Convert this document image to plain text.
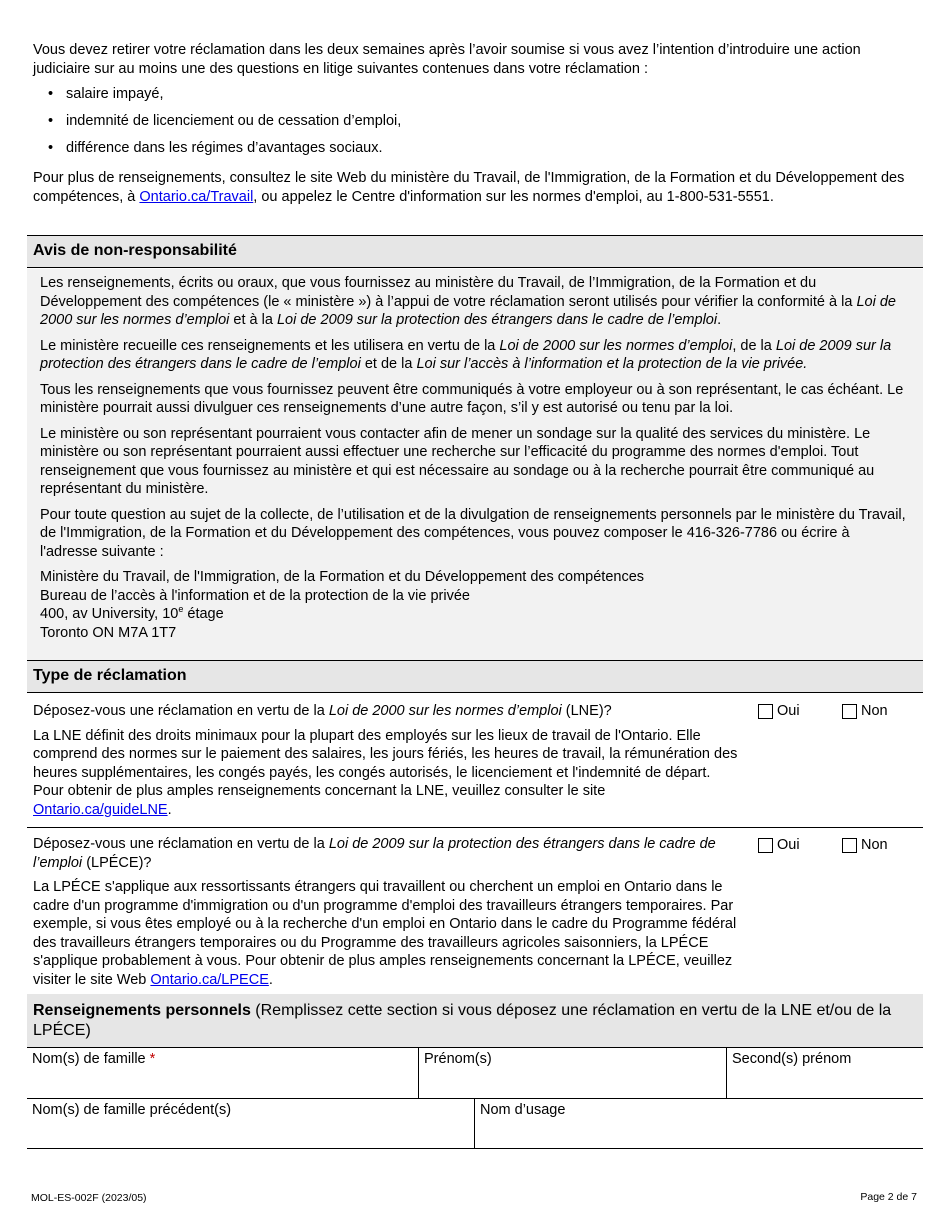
Vous devez retirer votre réclamation dans les deux semaines après l’avoir soumise si vous avez l’intention d’introduire une action judiciaire sur au moins une des questions en litige suivantes contenues dans votre réclamation :

• salaire impayé,
• indemnité de licenciement ou de cessation d’emploi,
• différence dans les régimes d’avantages sociaux.

Pour plus de renseignements, consultez le site Web du ministère du Travail, de l'Immigration, de la Formation et du Développement des compétences, à Ontario.ca/Travail, ou appelez le Centre d'information sur les normes d'emploi, au 1-800-531-5551.

Avis de non-responsabilité

Les renseignements, écrits ou oraux, que vous fournissez au ministère du Travail, de l’Immigration, de la Formation et du Développement des compétences (le « ministère ») à l’appui de votre réclamation seront utilisés pour vérifier la conformité à la Loi de 2000 sur les normes d’emploi et à la Loi de 2009 sur la protection des étrangers dans le cadre de l’emploi.

Le ministère recueille ces renseignements et les utilisera en vertu de la Loi de 2000 sur les normes d’emploi, de la Loi de 2009 sur la protection des étrangers dans le cadre de l’emploi et de la Loi sur l’accès à l’information et la protection de la vie privée.

Tous les renseignements que vous fournissez peuvent être communiqués à votre employeur ou à son représentant, le cas échéant. Le ministère pourrait aussi divulguer ces renseignements d’une autre façon, s’il y est autorisé ou tenu par la loi.

Le ministère ou son représentant pourraient vous contacter afin de mener un sondage sur la qualité des services du ministère. Le ministère ou son représentant pourraient aussi effectuer une recherche sur l’efficacité du programme des normes d'emploi. Tout renseignement que vous fournissez au ministère et qui est nécessaire au sondage ou à la recherche pourrait être communiqué au représentant du ministère.

Pour toute question au sujet de la collecte, de l’utilisation et de la divulgation de renseignements personnels par le ministère du Travail, de l'Immigration, de la Formation et du Développement des compétences, vous pouvez composer le 416-326-7786 ou écrire à l'adresse suivante :

Ministère du Travail, de l'Immigration, de la Formation et du Développement des compétences

Bureau de l’accès à l'information et de la protection de la vie privée

400, av University, 10e étage

Toronto ON M7A 1T7

Type de réclamation

Déposez-vous une réclamation en vertu de la Loi de 2000 sur les normes d’emploi (LNE)?

La LNE définit des droits minimaux pour la plupart des employés sur les lieux de travail de l'Ontario. Elle comprend des normes sur le paiement des salaires, les jours fériés, les heures de travail, la rémunération des heures supplémentaires, les congés payés, les congés autorisés, le licenciement et l'indemnité de départ. Pour obtenir de plus amples renseignements concernant la LNE, veuillez consulter le site Ontario.ca/guideLNE.

Oui	Non

Déposez-vous une réclamation en vertu de la Loi de 2009 sur la protection des étrangers dans le cadre de l’emploi (LPÉCE)?

La LPÉCE s'applique aux ressortissants étrangers qui travaillent ou cherchent un emploi en Ontario dans le cadre d'un programme d'immigration ou d'un programme d'emploi des travailleurs étrangers temporaires. Par exemple, si vous êtes employé ou à la recherche d'un emploi en Ontario dans le cadre du Programme fédéral des travailleurs étrangers temporaires ou du Programme des travailleurs agricoles saisonniers, la LPÉCE s'applique probablement à vous. Pour obtenir de plus amples renseignements concernant la LPÉCE, veuillez visiter le site Web Ontario.ca/LPECE.

Oui	Non
Renseignements personnels (Remplissez cette section si vous déposez une réclamation en vertu de la LNE et/ou de la LPÉCE)
Nom(s) de famille *	Prénom(s)	Second(s) prénom
Nom(s) de famille précédent(s)	Nom d’usage
MOL-ES-002F (2023/05)	Page 2 de 7
